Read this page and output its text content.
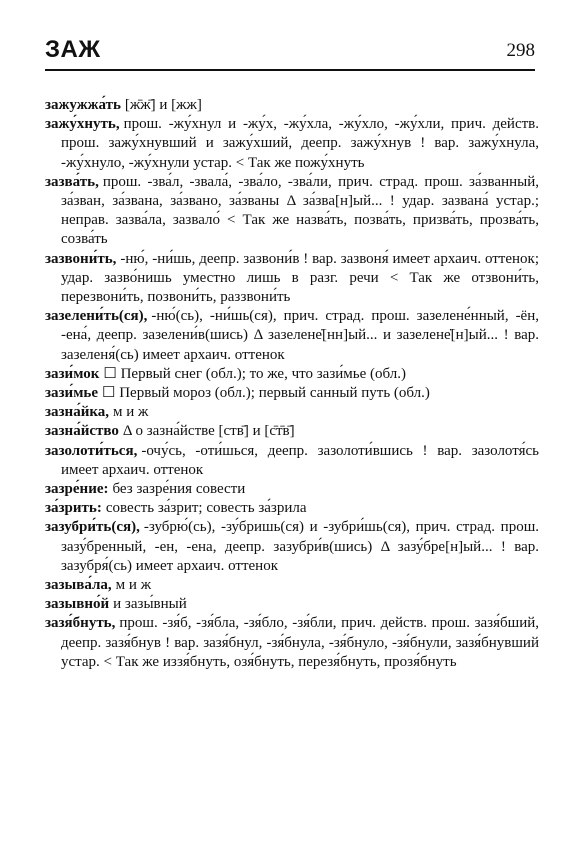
ЗАЖ	298

зажужжа́ть [ж̄ж̄] и [жж]

зажу́хнуть, прош. -жу́хнул и -жу́х, -жу́хла, -жу́хло, -жу́хли, прич. действ. прош. зажу́хнувший и зажу́хший, деепр. зажу́хнув ! вар. зажу́хнула, -жу́хнуло, -жу́хнули устар. < Так же пожу́хнуть

зазва́ть, прош. -зва́л, -звала́, -зва́ло, -зва́ли, прич. страд. прош. за́званный, за́зван, за́звана, за́звано, за́званы Δ за́зва[н]ый... ! удар. зазвана́ устар.; неправ. зазва́ла, зазвало́ < Так же назва́ть, позва́ть, призва́ть, прозва́ть, созва́ть

зазвони́ть, -ню́, -ни́шь, деепр. зазвони́в ! вар. зазвоня́ имеет архаич. оттенок; удар. зазво́нишь уместно лишь в разг. речи < Так же отзвони́ть, перезвони́ть, позвони́ть, раззвони́ть

зазелени́ть(ся), -ню́(сь), -ни́шь(ся), прич. страд. прош. зазелене́нный, -ён, -ена́, деепр. зазелени́в(шись) Δ зазелене̇[нн]ый... и зазелене̇[н]ый... ! вар. зазеленя́(сь) имеет архаич. оттенок

зази́мок ☐ Первый снег (обл.); то же, что зази́мье (обл.)

зази́мье ☐ Первый мороз (обл.); первый санный путь (обл.)

зазна́йка, м и ж

зазна́йство Δ о зазна́йстве [ств̄] и [с̄т̄в̄]

зазолоти́ться, -очу́сь, -оти́шься, деепр. зазолоти́вшись ! вар. зазолотя́сь имеет архаич. оттенок

зазре́ние: без зазре́ния совести

за́зрить: совесть за́зрит; совесть за́зрила

зазубри́ть(ся), -зубрю́(сь), -зу́бришь(ся) и -зубри́шь(ся), прич. страд. прош. зазу́бренный, -ен, -ена, деепр. зазубри́в(шись) Δ зазу́бре[н]ый... ! вар. зазубря́(сь) имеет архаич. оттенок

зазыва́ла, м и ж

зазывно́й и зазы́вный

зазя́бнуть, прош. -зя́б, -зя́бла, -зя́бло, -зя́бли, прич. действ. прош. зазя́бший, деепр. зазя́бнув ! вар. зазя́бнул, -зя́бнула, -зя́бнуло, -зя́бнули, зазя́бнувший устар. < Так же иззя́бнуть, озя́бнуть, перезя́бнуть, прозя́бнуть
